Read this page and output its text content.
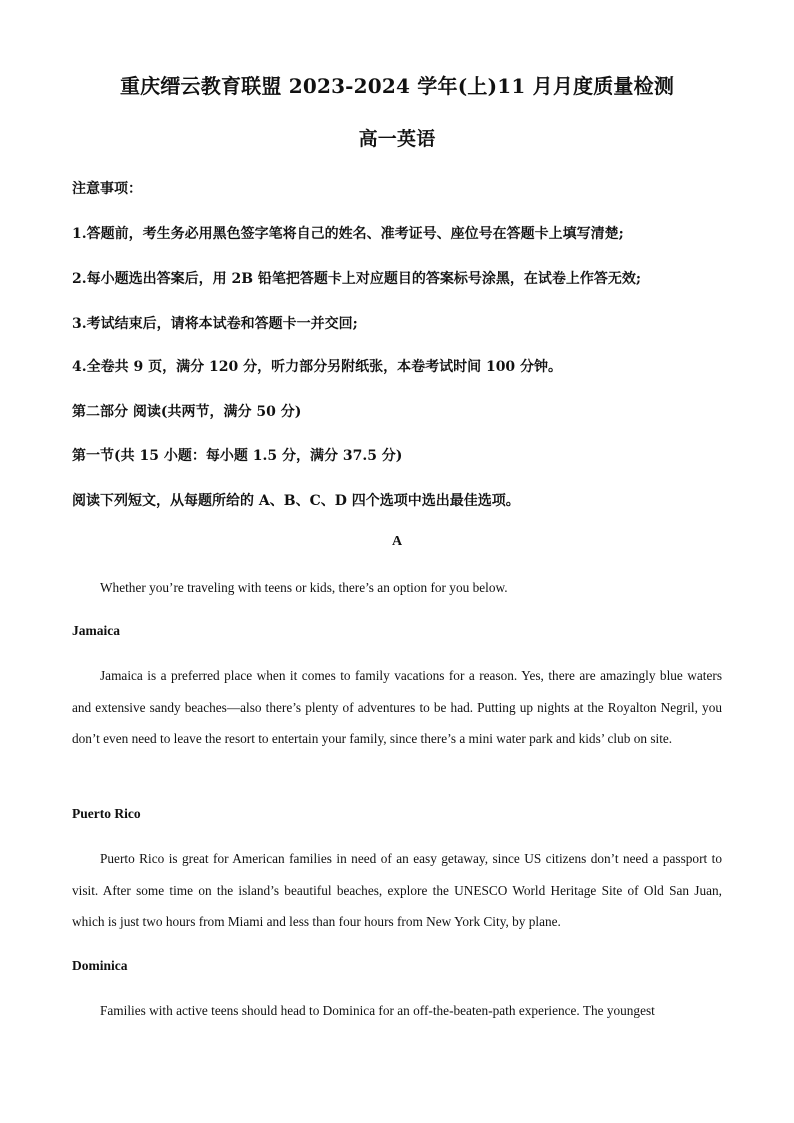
重庆缙云教育联盟 2023-2024 学年(上)11 月月度质量检测
高一英语
注意事项：
1.答题前，考生务必用黑色签字笔将自己的姓名、准考证号、座位号在答题卡上填写清楚;
2.每小题选出答案后，用 2B 铅笔把答题卡上对应题目的答案标号涂黑，在试卷上作答无效;
3.考试结束后，请将本试卷和答题卡一并交回;
4.全卷共 9 页，满分 120 分，听力部分另附纸张，本卷考试时间 100 分钟。
第二部分 阅读(共两节，满分 50 分)
第一节(共 15 小题：每小题 1.5 分，满分 37.5 分)
阅读下列短文，从每题所给的 A、B、C、D 四个选项中选出最佳选项。
A
Whether you’re traveling with teens or kids, there’s an option for you below.
Jamaica
Jamaica is a preferred place when it comes to family vacations for a reason. Yes, there are amazingly blue waters and extensive sandy beaches—also there’s plenty of adventures to be had. Putting up nights at the Royalton Negril, you don’t even need to leave the resort to entertain your family, since there’s a mini water park and kids’ club on site.
Puerto Rico
Puerto Rico is great for American families in need of an easy getaway, since US citizens don’t need a passport to visit. After some time on the island’s beautiful beaches, explore the UNESCO World Heritage Site of Old San Juan, which is just two hours from Miami and less than four hours from New York City, by plane.
Dominica
Families with active teens should head to Dominica for an off-the-beaten-path experience. The youngest
